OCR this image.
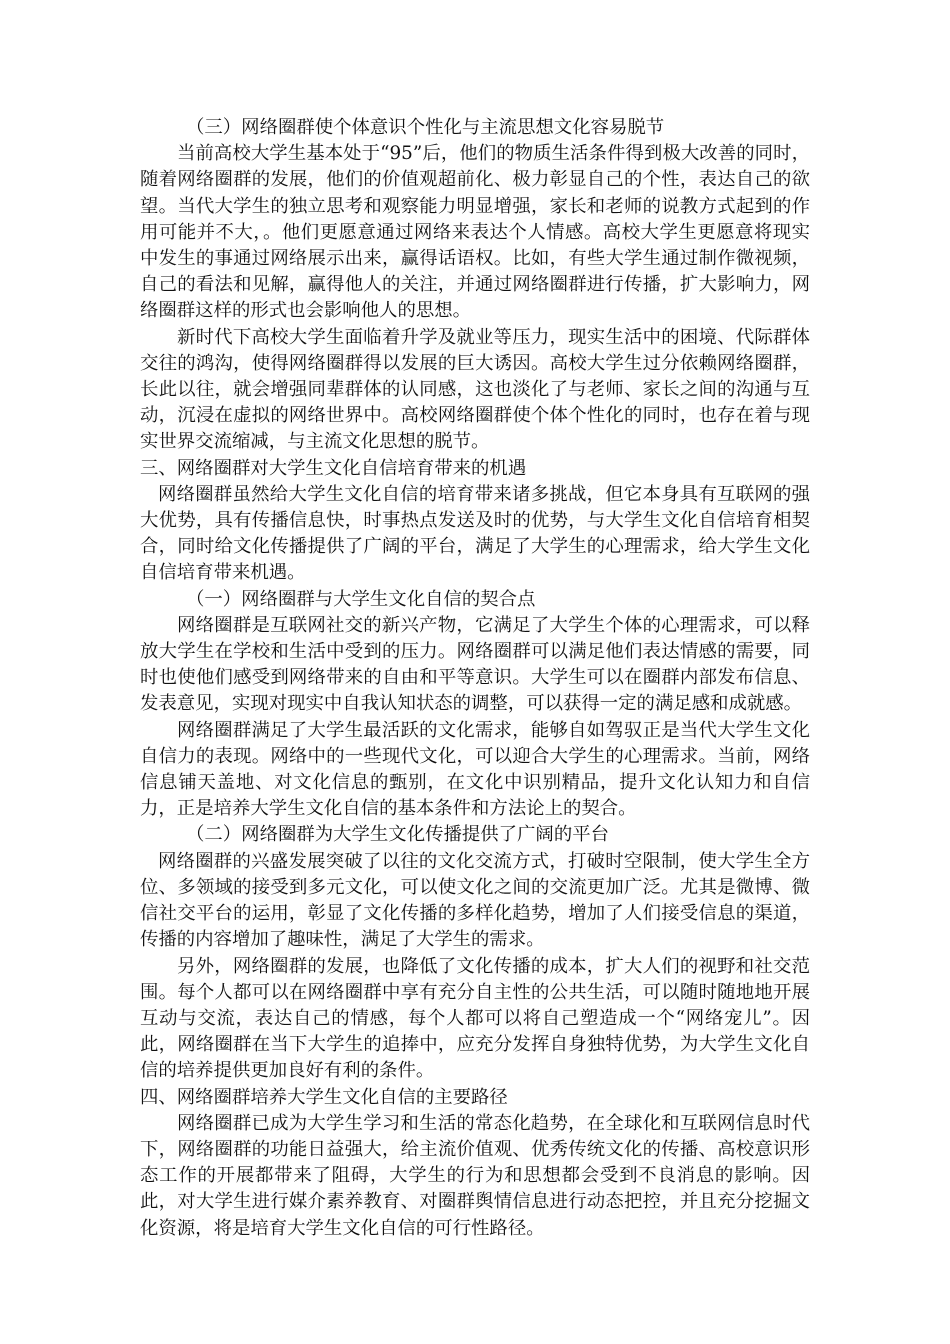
（三）网络圈群使个体意识个性化与主流思想文化容易脱节
当前高校大学生基本处于“95”后，他们的物质生活条件得到极大改善的同时，随着网络圈群的发展，他们的价值观超前化、极力彰显自己的个性，表达自己的欲望。当代大学生的独立思考和观察能力明显增强，家长和老师的说教方式起到的作用可能并不大，。他们更愿意通过网络来表达个人情感。高校大学生更愿意将现实中发生的事通过网络展示出来，赢得话语权。比如，有些大学生通过制作微视频，自己的看法和见解，赢得他人的关注，并通过网络圈群进行传播，扩大影响力，网络圈群这样的形式也会影响他人的思想。
新时代下高校大学生面临着升学及就业等压力，现实生活中的困境、代际群体交往的鸿沟，使得网络圈群得以发展的巨大诱因。高校大学生过分依赖网络圈群，长此以往，就会增强同辈群体的认同感，这也淡化了与老师、家长之间的沟通与互动，沉浸在虚拟的网络世界中。高校网络圈群使个体个性化的同时，也存在着与现实世界交流缩减，与主流文化思想的脱节。
三、网络圈群对大学生文化自信培育带来的机遇
网络圈群虽然给大学生文化自信的培育带来诸多挑战，但它本身具有互联网的强大优势，具有传播信息快，时事热点发送及时的优势，与大学生文化自信培育相契合，同时给文化传播提供了广阔的平台，满足了大学生的心理需求，给大学生文化自信培育带来机遇。
（一）网络圈群与大学生文化自信的契合点
网络圈群是互联网社交的新兴产物，它满足了大学生个体的心理需求，可以释放大学生在学校和生活中受到的压力。网络圈群可以满足他们表达情感的需要，同时也使他们感受到网络带来的自由和平等意识。大学生可以在圈群内部发布信息、发表意见，实现对现实中自我认知状态的调整，可以获得一定的满足感和成就感。
网络圈群满足了大学生最活跃的文化需求，能够自如驾驭正是当代大学生文化自信力的表现。网络中的一些现代文化，可以迎合大学生的心理需求。当前，网络信息铺天盖地、对文化信息的甄别，在文化中识别精品，提升文化认知力和自信力，正是培养大学生文化自信的基本条件和方法论上的契合。
（二）网络圈群为大学生文化传播提供了广阔的平台
网络圈群的兴盛发展突破了以往的文化交流方式，打破时空限制，使大学生全方位、多领域的接受到多元文化，可以使文化之间的交流更加广泛。尤其是微博、微信社交平台的运用，彰显了文化传播的多样化趋势，增加了人们接受信息的渠道，传播的内容增加了趣味性，满足了大学生的需求。
另外，网络圈群的发展，也降低了文化传播的成本，扩大人们的视野和社交范围。每个人都可以在网络圈群中享有充分自主性的公共生活，可以随时随地地开展互动与交流，表达自己的情感，每个人都可以将自己塑造成一个“网络宠儿”。因此，网络圈群在当下大学生的追捧中，应充分发挥自身独特优势，为大学生文化自信的培养提供更加良好有利的条件。
四、网络圈群培养大学生文化自信的主要路径
网络圈群已成为大学生学习和生活的常态化趋势，在全球化和互联网信息时代下，网络圈群的功能日益强大，给主流价值观、优秀传统文化的传播、高校意识形态工作的开展都带来了阻碍，大学生的行为和思想都会受到不良消息的影响。因此，对大学生进行媒介素养教育、对圈群舆情信息进行动态把控，并且充分挖掘文化资源，将是培育大学生文化自信的可行性路径。
